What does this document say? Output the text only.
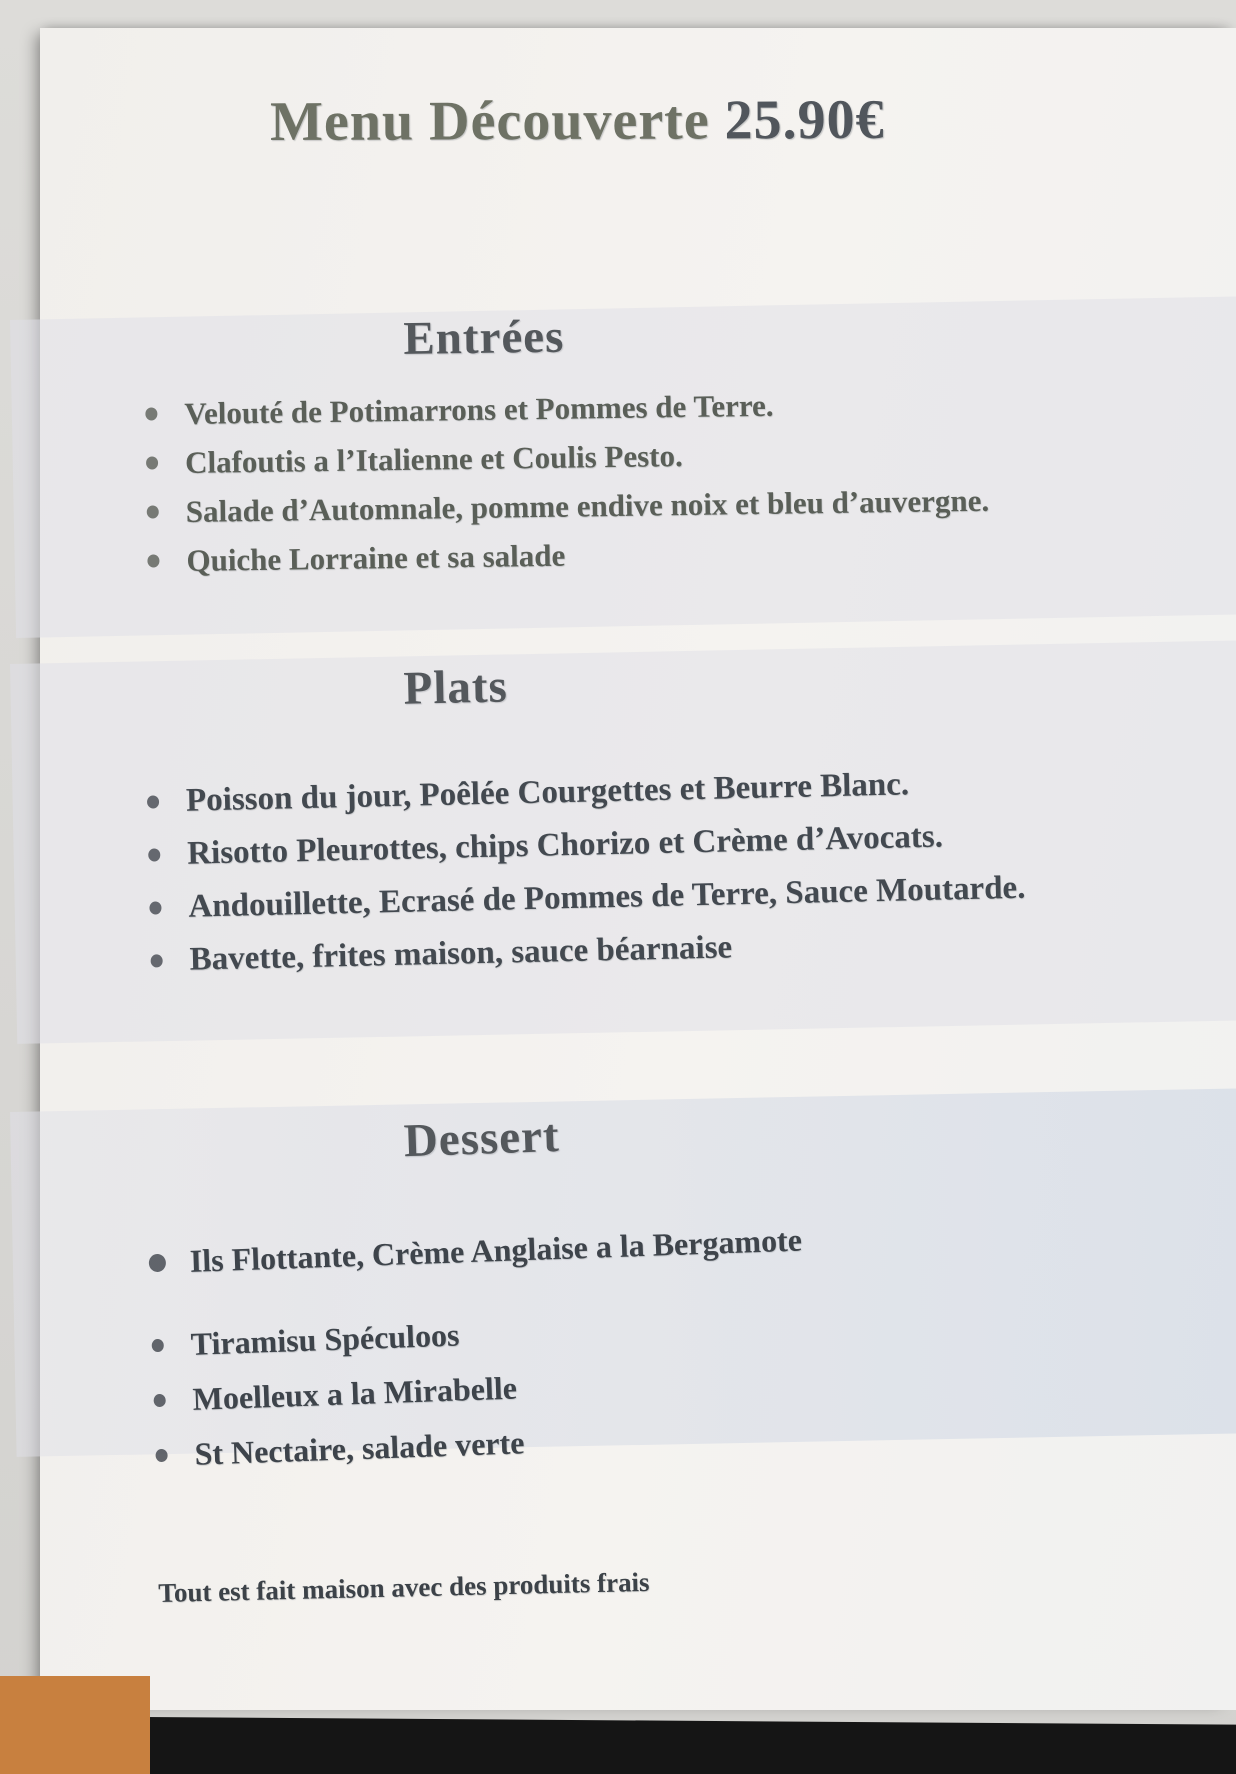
Menu Découverte 25.90€
Entrées
Velouté de Potimarrons et Pommes de Terre.
Clafoutis a l’Italienne et Coulis Pesto.
Salade d’Automnale, pomme endive noix et bleu d’auvergne.
Quiche Lorraine et sa salade
Plats
Poisson du jour, Poêlée Courgettes et Beurre Blanc.
Risotto Pleurottes, chips Chorizo et Crème d’Avocats.
Andouillette, Ecrasé de Pommes de Terre, Sauce Moutarde.
Bavette, frites maison, sauce béarnaise
Dessert
Ils Flottante, Crème Anglaise a la Bergamote
Tiramisu Spéculoos
Moelleux a la Mirabelle
St Nectaire, salade verte
Tout est fait maison avec des produits frais
